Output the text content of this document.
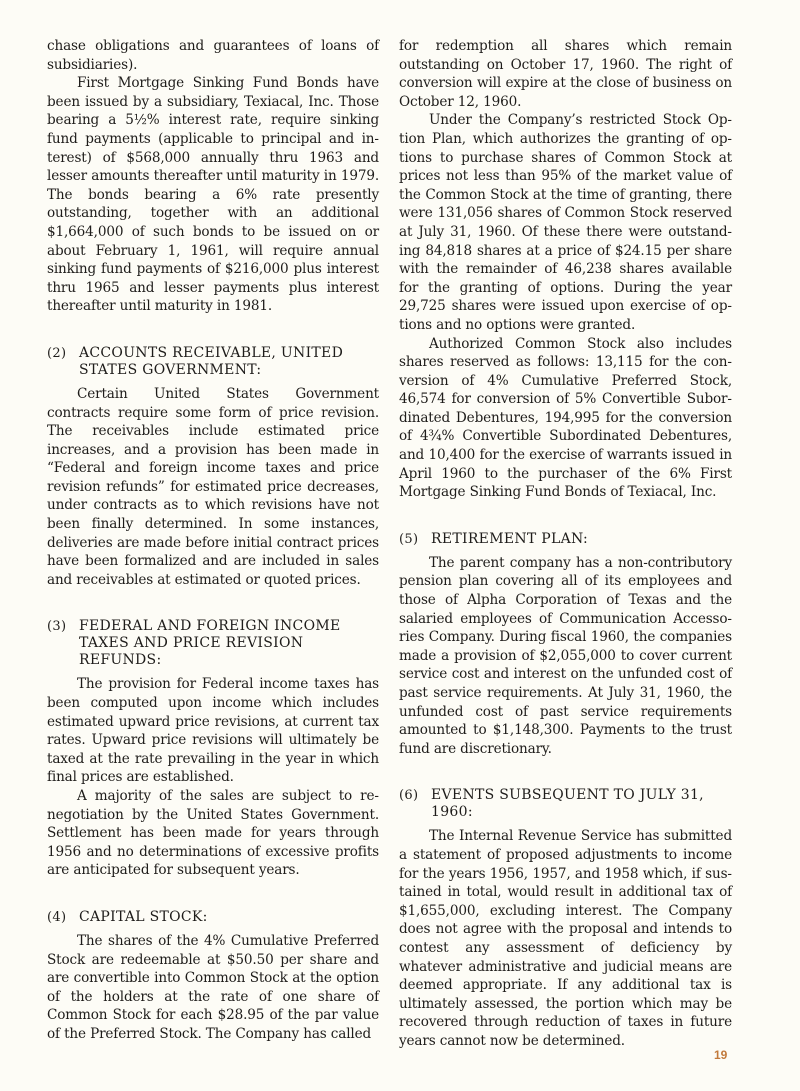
chase obligations and guarantees of loans of subsidiaries).

First Mortgage Sinking Fund Bonds have been issued by a subsidiary, Texiacal, Inc. Those bearing a 5½% interest rate, require sinking fund payments (applicable to principal and interest) of $568,000 annually thru 1963 and lesser amounts thereafter until maturity in 1979. The bonds bearing a 6% rate presently outstanding, together with an additional $1,664,000 of such bonds to be issued on or about February 1, 1961, will require annual sinking fund payments of $216,000 plus interest thru 1965 and lesser payments plus interest thereafter until maturity in 1981.

(2) ACCOUNTS RECEIVABLE, UNITED STATES GOVERNMENT:

Certain United States Government contracts require some form of price revision. The receivables include estimated price increases, and a provision has been made in “Federal and foreign income taxes and price revision refunds” for estimated price decreases, under contracts as to which revisions have not been finally determined. In some instances, deliveries are made before initial contract prices have been formalized and are included in sales and receivables at estimated or quoted prices.

(3) FEDERAL AND FOREIGN INCOME TAXES AND PRICE REVISION REFUNDS:

The provision for Federal income taxes has been computed upon income which includes estimated upward price revisions, at current tax rates. Upward price revisions will ultimately be taxed at the rate prevailing in the year in which final prices are established.

A majority of the sales are subject to renegotiation by the United States Government. Settlement has been made for years through 1956 and no determinations of excessive profits are anticipated for subsequent years.

(4) CAPITAL STOCK:

The shares of the 4% Cumulative Preferred Stock are redeemable at $50.50 per share and are convertible into Common Stock at the option of the holders at the rate of one share of Common Stock for each $28.95 of the par value of the Preferred Stock. The Company has called

for redemption all shares which remain outstanding on October 17, 1960. The right of conversion will expire at the close of business on October 12, 1960.

Under the Company’s restricted Stock Option Plan, which authorizes the granting of options to purchase shares of Common Stock at prices not less than 95% of the market value of the Common Stock at the time of granting, there were 131,056 shares of Common Stock reserved at July 31, 1960. Of these there were outstanding 84,818 shares at a price of $24.15 per share with the remainder of 46,238 shares available for the granting of options. During the year 29,725 shares were issued upon exercise of options and no options were granted.

Authorized Common Stock also includes shares reserved as follows: 13,115 for the conversion of 4% Cumulative Preferred Stock, 46,574 for conversion of 5% Convertible Subordinated Debentures, 194,995 for the conversion of 4¾% Convertible Subordinated Debentures, and 10,400 for the exercise of warrants issued in April 1960 to the purchaser of the 6% First Mortgage Sinking Fund Bonds of Texiacal, Inc.

(5) RETIREMENT PLAN:

The parent company has a non-contributory pension plan covering all of its employees and those of Alpha Corporation of Texas and the salaried employees of Communication Accessories Company. During fiscal 1960, the companies made a provision of $2,055,000 to cover current service cost and interest on the unfunded cost of past service requirements. At July 31, 1960, the unfunded cost of past service requirements amounted to $1,148,300. Payments to the trust fund are discretionary.

(6) EVENTS SUBSEQUENT TO JULY 31, 1960:

The Internal Revenue Service has submitted a statement of proposed adjustments to income for the years 1956, 1957, and 1958 which, if sustained in total, would result in additional tax of $1,655,000, excluding interest. The Company does not agree with the proposal and intends to contest any assessment of deficiency by whatever administrative and judicial means are deemed appropriate. If any additional tax is ultimately assessed, the portion which may be recovered through reduction of taxes in future years cannot now be determined.

19
